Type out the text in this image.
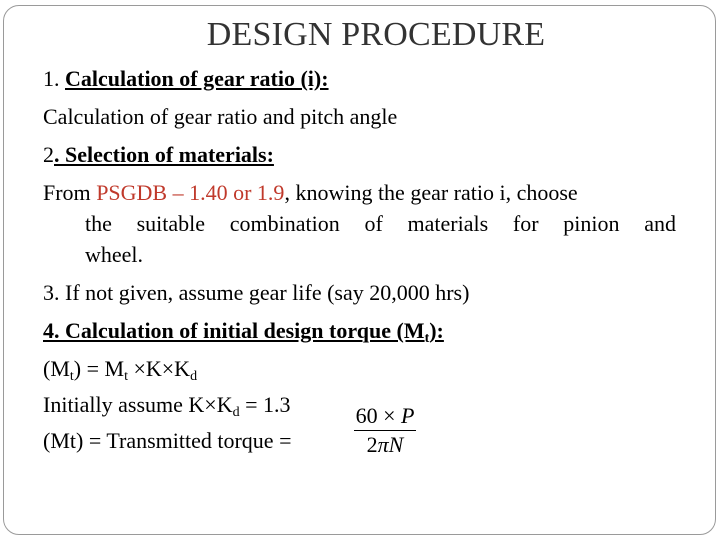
DESIGN PROCEDURE
1. Calculation of gear ratio (i):
Calculation of gear ratio and pitch angle
2. Selection of materials:
From PSGDB – 1.40 or 1.9, knowing the gear ratio i, choose
the suitable combination of materials for pinion and
wheel.
3. If not given, assume gear life (say 20,000 hrs)
4. Calculation of initial design torque $(M_t)$:
$(M_t) = M_t \times K\times K_d$
Initially assume $K\times K_d = 1.3$
(Mt) = Transmitted torque =
60 × P
2πN
